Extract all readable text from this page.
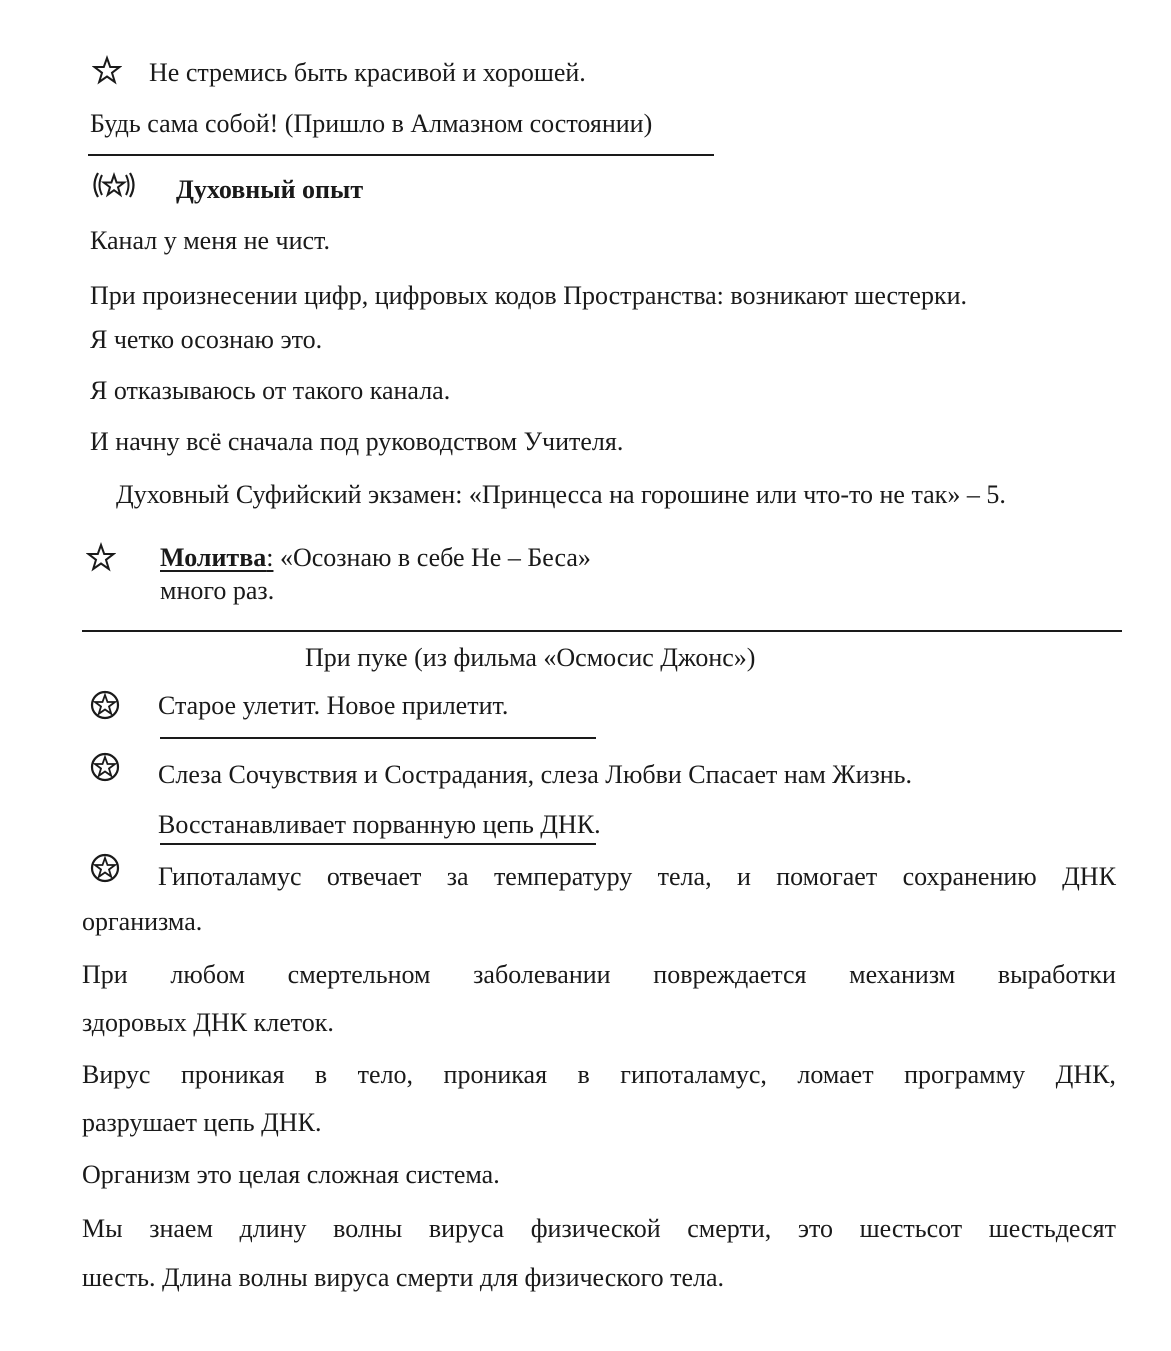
Не стремись быть красивой и хорошей.
Будь сама собой! (Пришло в Алмазном состоянии)
Духовный опыт
Канал у меня не чист.
При произнесении цифр, цифровых кодов Пространства: возникают шестерки.
Я четко осознаю это.
Я отказываюсь от такого канала.
И начну всё сначала под руководством Учителя.
Духовный Суфийский экзамен: «Принцесса на горошине или что-то не так» – 5.
Молитва: «Осознаю в себе Не – Беса»
много раз.
При пуке (из фильма «Осмосис Джонс»)
Старое улетит. Новое прилетит.
Слеза Сочувствия и Сострадания, слеза Любви Спасает нам Жизнь.
Восстанавливает порванную цепь ДНК.
Гипоталамус отвечает за температуру тела, и помогает сохранению ДНК
организма.
При любом смертельном заболевании повреждается механизм выработки
здоровых ДНК клеток.
Вирус проникая в тело, проникая в гипоталамус, ломает программу ДНК,
разрушает цепь ДНК.
Организм это целая сложная система.
Мы знаем длину волны вируса физической смерти, это шестьсот шестьдесят
шесть. Длина волны вируса смерти для физического тела.
